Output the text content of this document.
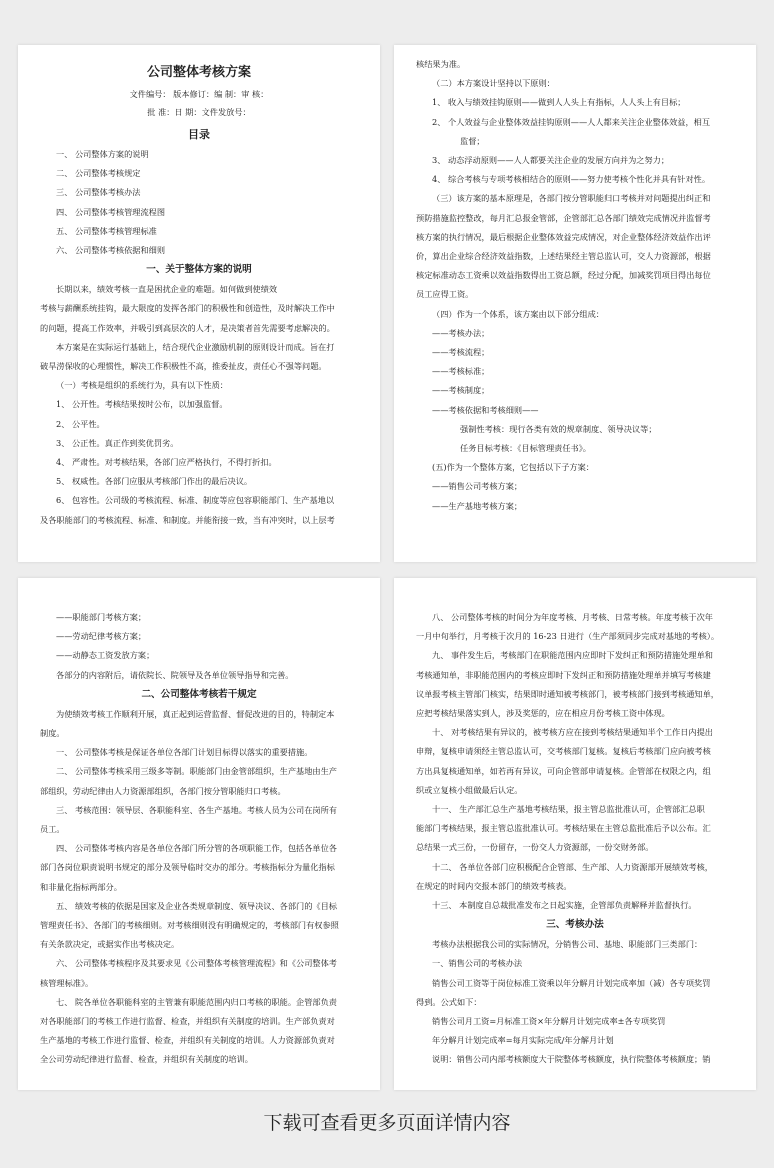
公司整体考核方案
文件编号： 版本修订：编 制：审 核：
批 准：日 期：文件发放号：
目录
一、 公司整体方案的说明
二、 公司整体考核规定
三、 公司整体考核办法
四、 公司整体考核管理流程图
五、 公司整体考核管理标准
六、 公司整体考核依据和细则
一、关于整体方案的说明
长期以来，绩效考核一直是困扰企业的难题。如何做到使绩效
考核与薪酬系统挂钩，最大限度的发挥各部门的积极性和创造性，及时解决工作中
的问题，提高工作效率，并吸引到高层次的人才，是决策者首先需要考虑解决的。
本方案是在实际运行基础上，结合现代企业激励机制的原则设计而成。旨在打
破旱涝保收的心理惯性，解决工作积极性不高，推委扯皮，责任心不强等问题。
（一）考核是组织的系统行为，具有以下性质：
1、 公开性。考核结果按时公布，以加强监督。
2、 公平性。
3、 公正性。真正作到奖优罚劣。
4、 严肃性。对考核结果，各部门应严格执行，不得打折扣。
5、 权威性。各部门应服从考核部门作出的最后决议。
6、 包容性。公司级的考核流程、标准、制度等应包容职能部门、生产基地以
及各职能部门的考核流程、标准、和制度。并能衔接一致，当有冲突时，以上层考
核结果为准。
（二）本方案设计坚持以下原则：
1、 收入与绩效挂钩原则——做到人人头上有指标，人人头上有目标；
2、 个人效益与企业整体效益挂钩原则——人人都来关注企业整体效益，相互
监督；
3、 动态浮动原则——人人都要关注企业的发展方向并为之努力；
4、 综合考核与专项考核相结合的原则——努力使考核个性化并具有针对性。
（三）该方案的基本原理是，各部门按分管职能归口考核并对问题提出纠正和
预防措施监控整改，每月汇总报金管部，企管部汇总各部门绩效完成情况并监督考
核方案的执行情况，最后根据企业整体效益完成情况，对企业整体经济效益作出评
价，算出企业综合经济效益指数，上述结果经主管总监认可，交人力资源部，根据
核定标准动态工资乘以效益指数得出工资总额，经过分配，加减奖罚项目得出每位
员工应得工资。
（四）作为一个体系，该方案由以下部分组成：
——考核办法；
——考核流程；
——考核标准；
——考核制度；
——考核依据和考核细则——
强制性考核：现行各类有效的规章制度、领导决议等；
任务目标考核：《目标管理责任书》。
(五)作为一个整体方案，它包括以下子方案：
——销售公司考核方案；
——生产基地考核方案；
——职能部门考核方案；
——劳动纪律考核方案；
——动静态工资发放方案；
各部分的内容附后，请依院长、院领导及各单位领导指导和完善。
二、公司整体考核若干规定
为使绩效考核工作顺利开展，真正起到运营监督、督促改进的目的，特制定本
制度。
一、 公司整体考核是保证各单位各部门计划目标得以落实的重要措施。
二、 公司整体考核采用三级多等制。职能部门由金管部组织，生产基地由生产
部组织，劳动纪律由人力资源部组织，各部门按分管职能归口考核。
三、 考核范围：领导层、各职能科室、各生产基地。考核人员为公司在岗所有
员工。
四、 公司整体考核内容是各单位各部门所分管的各项职能工作，包括各单位各
部门各岗位职责说明书规定的部分及领导临时交办的部分。考核指标分为量化指标
和非量化指标两部分。
五、 绩效考核的依据是国家及企业各类规章制度、领导决议、各部门的《目标
管理责任书》、各部门的考核细则。对考核细则没有明确规定的，考核部门有权参照
有关条款决定，或据实作出考核决定。
六、 公司整体考核程序及其要求见《公司整体考核管理流程》和《公司整体考
核管理标准》。
七、 院各单位各职能科室的主管兼有职能范围内归口考核的职能。企管部负责
对各职能部门的考核工作进行监督、检查，并组织有关制度的培训。生产部负责对
生产基地的考核工作进行监督、检查，并组织有关制度的培训。人力资源部负责对
全公司劳动纪律进行监督、检查，并组织有关制度的培训。
八、 公司整体考核的时间分为年度考核、月考核、日常考核。年度考核于次年
一月中旬举行，月考核于次月的 16-23 日进行（生产部须同步完成对基地的考核）。
九、 事件发生后，考核部门在职能范围内应即时下发纠正和预防措施处理单和
考核通知单，非职能范围内的考核应即时下发纠正和预防措施处理单并填写考核建
议单报考核主管部门核实，结果即时通知被考核部门，被考核部门接到考核通知单，
应把考核结果落实到人，涉及奖惩的，应在相应月份考核工资中体现。
十、 对考核结果有异议的，被考核方应在接到考核结果通知半个工作日内提出
申辩，复核申请须经主管总监认可，交考核部门复核。复核后考核部门应向被考核
方出具复核通知单，如若再有异议，可向企管部申请复核。企管部在权限之内，组
织或立复核小组做最后认定。
十一、 生产部汇总生产基地考核结果，报主管总监批准认可，企管部汇总职
能部门考核结果，报主管总监批准认可。考核结果在主管总监批准后予以公布。汇
总结果一式三份，一份留存，一份交人力资源部，一份交财务部。
十二、 各单位各部门应积极配合企管部、生产部、人力资源部开展绩效考核，
在规定的时间内交报本部门的绩效考核表。
十三、 本制度自总裁批准发布之日起实施，企管部负责解释并监督执行。
三、考核办法
考核办法根据我公司的实际情况，分销售公司、基地、职能部门三类部门：
一、销售公司的考核办法
销售公司工资等于岗位标准工资乘以年分解月计划完成率加（减）各专项奖罚
得到。公式如下：
销售公司月工资=月标准工资×年分解月计划完成率±各专项奖罚
年分解月计划完成率=每月实际完成/年分解月计划
说明：销售公司内部考核额度大于院整体考核额度，执行院整体考核额度；销
下载可查看更多页面详情内容
